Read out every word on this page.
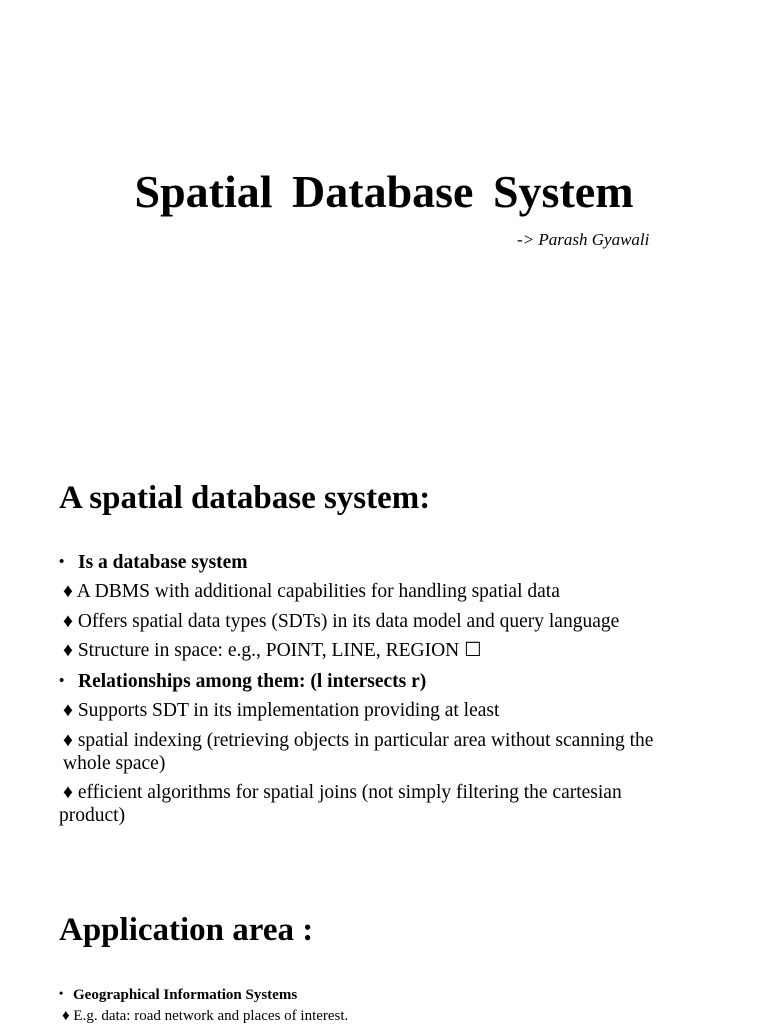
Spatial Database System
-> Parash Gyawali
A spatial database system:
• Is a database system
♦ A DBMS with additional capabilities for handling spatial data
♦ Offers spatial data types (SDTs) in its data model and query language
♦ Structure in space: e.g., POINT, LINE, REGION ☐
• Relationships among them: (l intersects r)
♦ Supports SDT in its implementation providing at least
♦ spatial indexing (retrieving objects in particular area without scanning the
whole space)
♦ efficient algorithms for spatial joins (not simply filtering the cartesian
product)
Application area :
• Geographical Information Systems
♦ E.g. data: road network and places of interest.
